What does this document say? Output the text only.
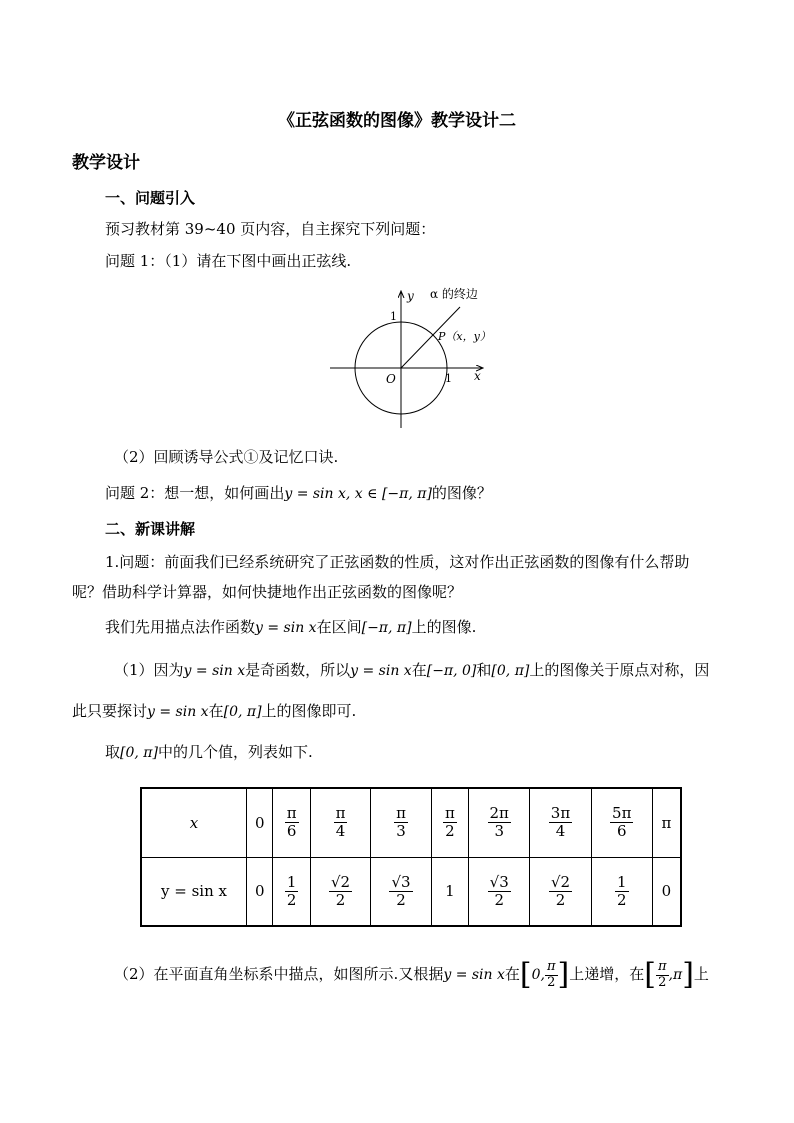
《正弦函数的图像》教学设计二
教学设计
一、问题引入
预习教材第 39~40 页内容，自主探究下列问题：
问题 1：（1）请在下图中画出正弦线.
y
x
O
1
1
α 的终边
P（x，y）
（2）回顾诱导公式①及记忆口诀.
问题 2：想一想，如何画出y = sin x, x ∈ [−π, π]的图像？
二、新课讲解
1.问题：前面我们已经系统研究了正弦函数的性质，这对作出正弦函数的图像有什么帮助
呢？借助科学计算器，如何快捷地作出正弦函数的图像呢？
我们先用描点法作函数y = sin x在区间[−π, π]上的图像.
（1）因为y = sin x是奇函数，所以y = sin x在[−π, 0]和[0, π]上的图像关于原点对称，因
此只要探讨y = sin x在[0, π]上的图像即可.
取[0, π]中的几个值，列表如下.
x	0	$\frac{\pi}{6}$	$\frac{\pi}{4}$	$\frac{\pi}{3}$	$\frac{\pi}{2}$	$\frac{2\pi}{3}$	$\frac{3\pi}{4}$	$\frac{5\pi}{6}$	π
y = sin x	0	$\frac{1}{2}$	$\frac{√2}{2}$	$\frac{√3}{2}$	1	$\frac{√3}{2}$	$\frac{√2}{2}$	$\frac{1}{2}$	0
（2）在平面直角坐标系中描点，如图所示.又根据y = sin x在[0, $\frac{\pi}{2}$ ]上递增，在[ $\frac{\pi}{2} ,\pi$]上
